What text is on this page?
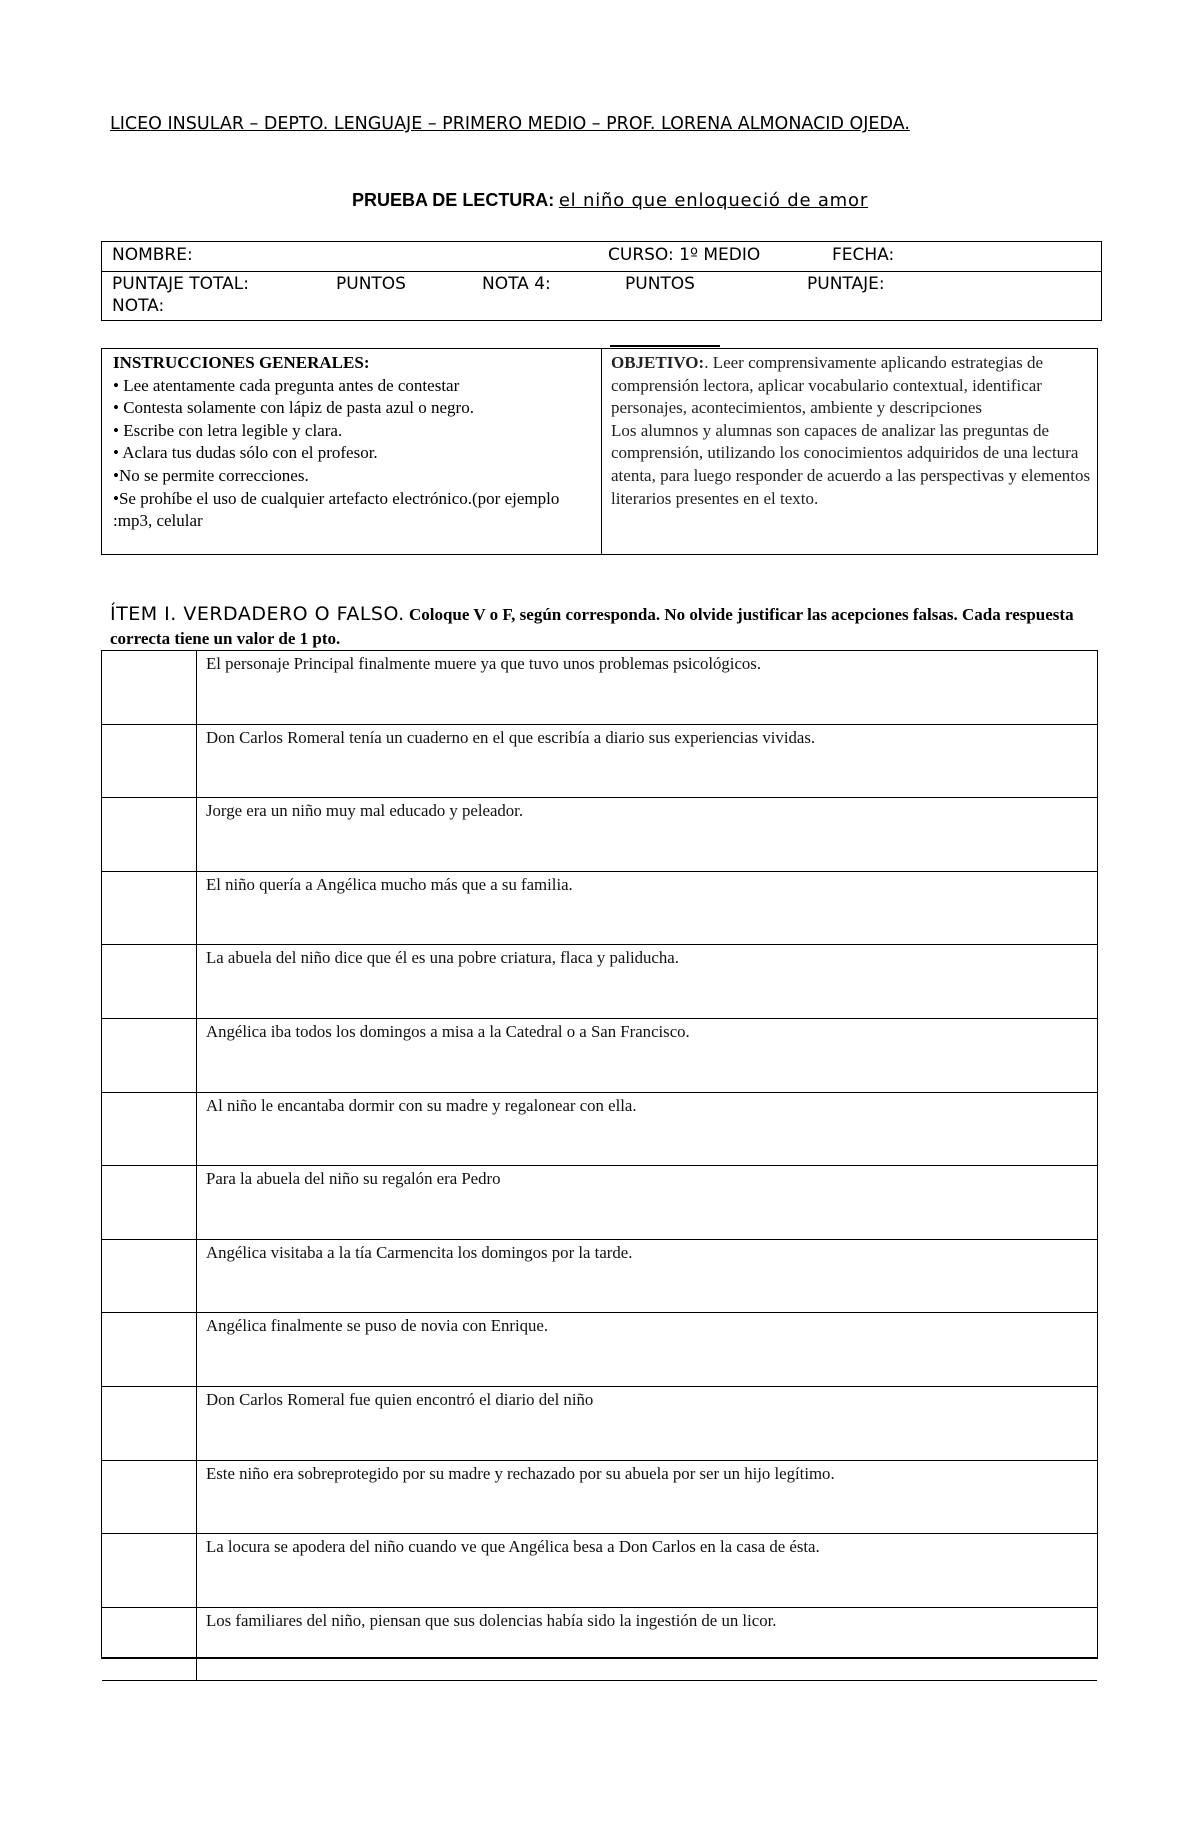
LICEO INSULAR – DEPTO. LENGUAJE – PRIMERO MEDIO – PROF. LORENA ALMONACID OJEDA.
PRUEBA DE LECTURA: el niño que enloqueció de amor
NOMBRE:	CURSO: 1º MEDIO	FECHA:
PUNTAJE TOTAL:	PUNTOS	NOTA 4:	PUNTOS	PUNTAJE:
NOTA:
INSTRUCCIONES GENERALES:
• Lee atentamente cada pregunta antes de contestar
• Contesta solamente con lápiz de pasta azul o negro.
• Escribe con letra legible y clara.
• Aclara tus dudas sólo con el profesor.
•No se permite correcciones.
•Se prohíbe el uso de cualquier artefacto electrónico.(por ejemplo :mp3, celular
OBJETIVO:. Leer comprensivamente aplicando estrategias de comprensión lectora, aplicar vocabulario contextual, identificar personajes, acontecimientos, ambiente y descripciones
Los alumnos y alumnas son capaces de analizar las preguntas de comprensión, utilizando los conocimientos adquiridos de una lectura atenta, para luego responder de acuerdo a las perspectivas y elementos literarios presentes en el texto.
ÍTEM I. VERDADERO O FALSO. Coloque V o F, según corresponda. No olvide justificar las acepciones falsas. Cada respuesta correcta tiene un valor de 1 pto.
El personaje Principal finalmente muere ya que tuvo unos problemas psicológicos.
Don Carlos Romeral tenía un cuaderno en el que escribía a diario sus experiencias vividas.
Jorge era un niño muy mal educado y peleador.
El niño quería a Angélica mucho más que a su familia.
La abuela del niño dice que él es una pobre criatura, flaca y paliducha.
Angélica iba todos los domingos a misa a la Catedral o a San Francisco.
Al niño le encantaba dormir con su madre y regalonear con ella.
Para la abuela del niño su regalón era Pedro
Angélica visitaba a la tía Carmencita los domingos por la tarde.
Angélica finalmente se puso de novia con Enrique.
Don Carlos Romeral fue quien encontró el diario del niño
Este niño era sobreprotegido por su madre y rechazado por su abuela por ser un hijo legítimo.
La locura se apodera del niño cuando ve que Angélica besa a Don Carlos en la casa de ésta.
Los familiares del niño, piensan que sus dolencias había sido la ingestión de un licor.
